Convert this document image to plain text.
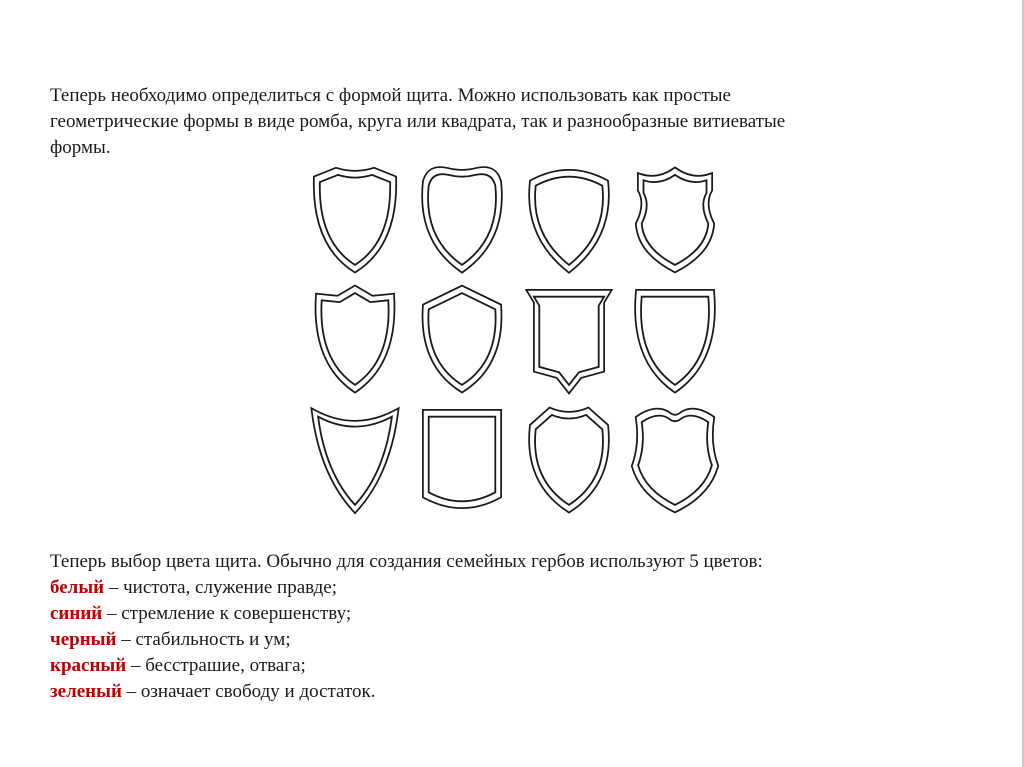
Теперь необходимо определиться с формой щита. Можно использовать как простые
геометрические формы в виде ромба, круга или квадрата, так и разнообразные витиеватые
формы.

Теперь выбор цвета щита. Обычно для создания семейных гербов используют 5 цветов:

белый – чистота, служение правде;

синий – стремление к совершенству;

черный – стабильность и ум;

красный – бесстрашие, отвага;

зеленый – означает свободу и достаток.
